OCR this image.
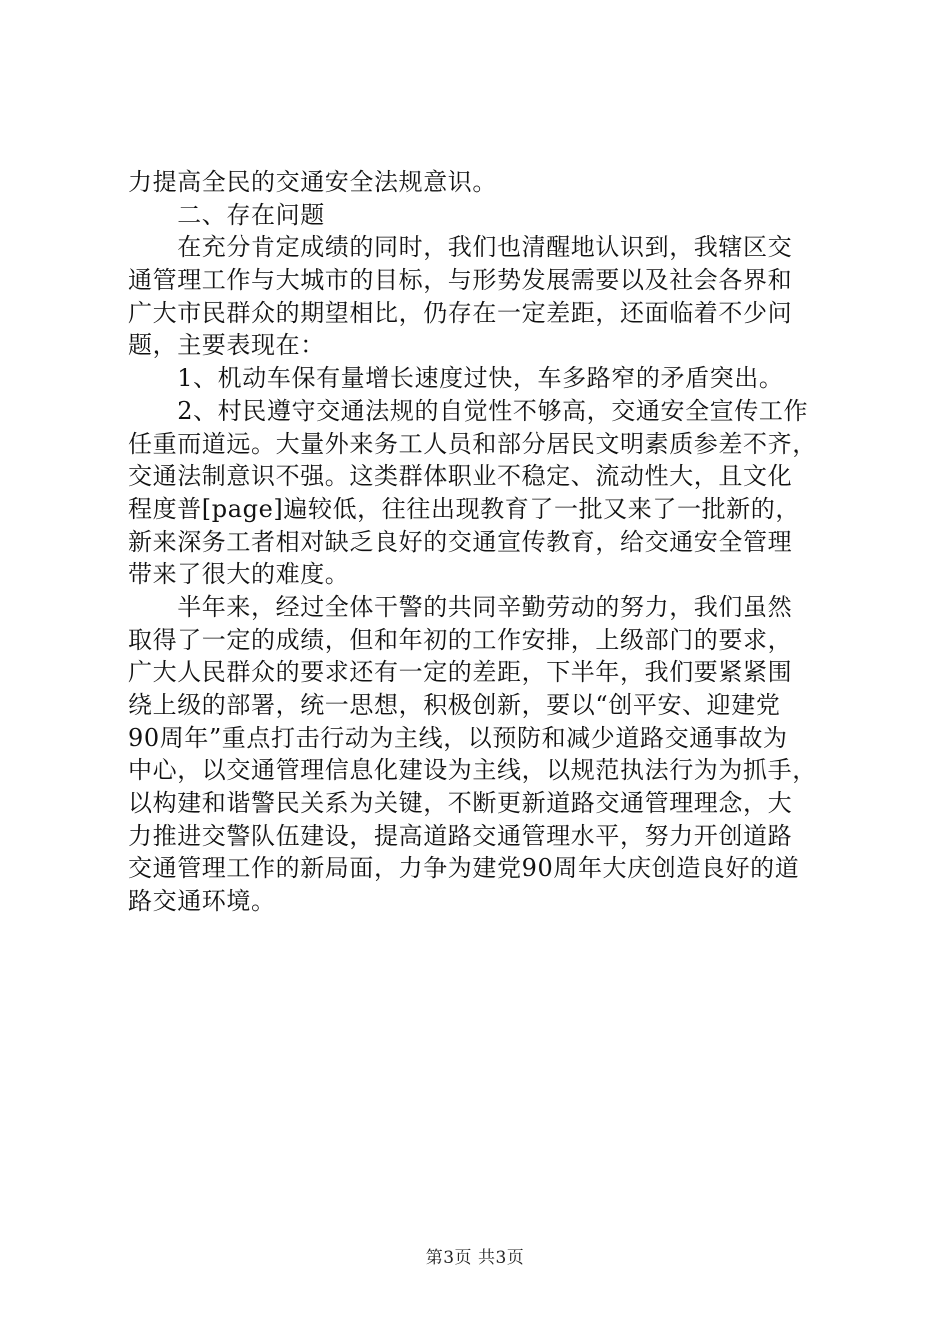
力提高全民的交通安全法规意识。
　　二、存在问题
　　在充分肯定成绩的同时，我们也清醒地认识到，我辖区交
通管理工作与大城市的目标，与形势发展需要以及社会各界和
广大市民群众的期望相比，仍存在一定差距，还面临着不少问
题，主要表现在：
　　1、机动车保有量增长速度过快，车多路窄的矛盾突出。
　　2、村民遵守交通法规的自觉性不够高，交通安全宣传工作
任重而道远。大量外来务工人员和部分居民文明素质参差不齐，
交通法制意识不强。这类群体职业不稳定、流动性大，且文化
程度普[page]遍较低，往往出现教育了一批又来了一批新的，
新来深务工者相对缺乏良好的交通宣传教育，给交通安全管理
带来了很大的难度。
　　半年来，经过全体干警的共同辛勤劳动的努力，我们虽然
取得了一定的成绩，但和年初的工作安排，上级部门的要求，
广大人民群众的要求还有一定的差距，下半年，我们要紧紧围
绕上级的部署，统一思想，积极创新，要以“创平安、迎建党
90周年”重点打击行动为主线，以预防和减少道路交通事故为
中心，以交通管理信息化建设为主线，以规范执法行为为抓手，
以构建和谐警民关系为关键，不断更新道路交通管理理念，大
力推进交警队伍建设，提高道路交通管理水平，努力开创道路
交通管理工作的新局面，力争为建党90周年大庆创造良好的道
路交通环境。
第3页 共3页
